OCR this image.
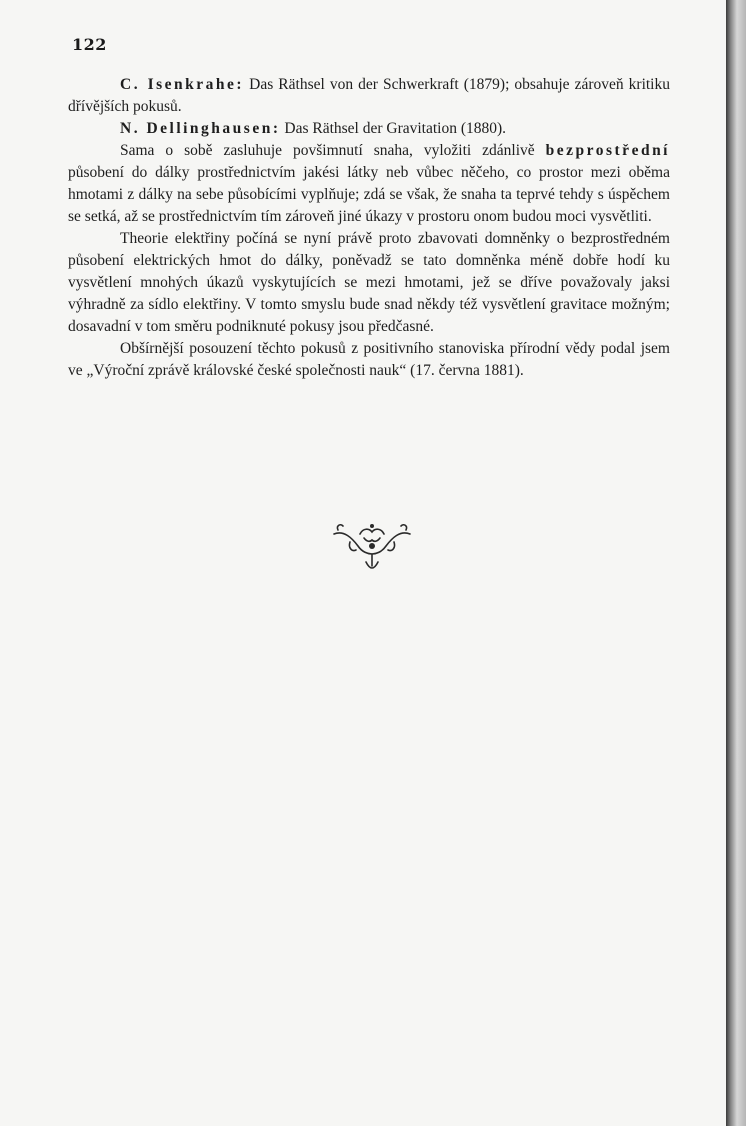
122

C. Isenkrahe: Das Räthsel von der Schwerkraft (1879); obsahuje zároveň kritiku dřívějších pokusů.

N. Dellinghausen: Das Räthsel der Gravitation (1880).

Sama o sobě zasluhuje povšimnutí snaha, vyložiti zdánlivě bezprostřední působení do dálky prostřednictvím jakési látky neb vůbec něčeho, co prostor mezi oběma hmotami z dálky na sebe působícími vyplňuje; zdá se však, že snaha ta teprvé tehdy s úspěchem se setká, až se prostřednictvím tím zároveň jiné úkazy v prostoru onom budou moci vysvětliti.

Theorie elektřiny počíná se nyní právě proto zbavovati domněnky o bezprostředném působení elektrických hmot do dálky, poněvadž se tato domněnka méně dobře hodí ku vysvětlení mnohých úkazů vyskytujících se mezi hmotami, jež se dříve považovaly jaksi výhradně za sídlo elektřiny. V tomto smyslu bude snad někdy též vysvětlení gravitace možným; dosavadní v tom směru podniknuté pokusy jsou předčasné.

Obšírnější posouzení těchto pokusů z positivního stanoviska přírodní vědy podal jsem ve „Výroční zprávě královské české společnosti nauk“ (17. června 1881).
